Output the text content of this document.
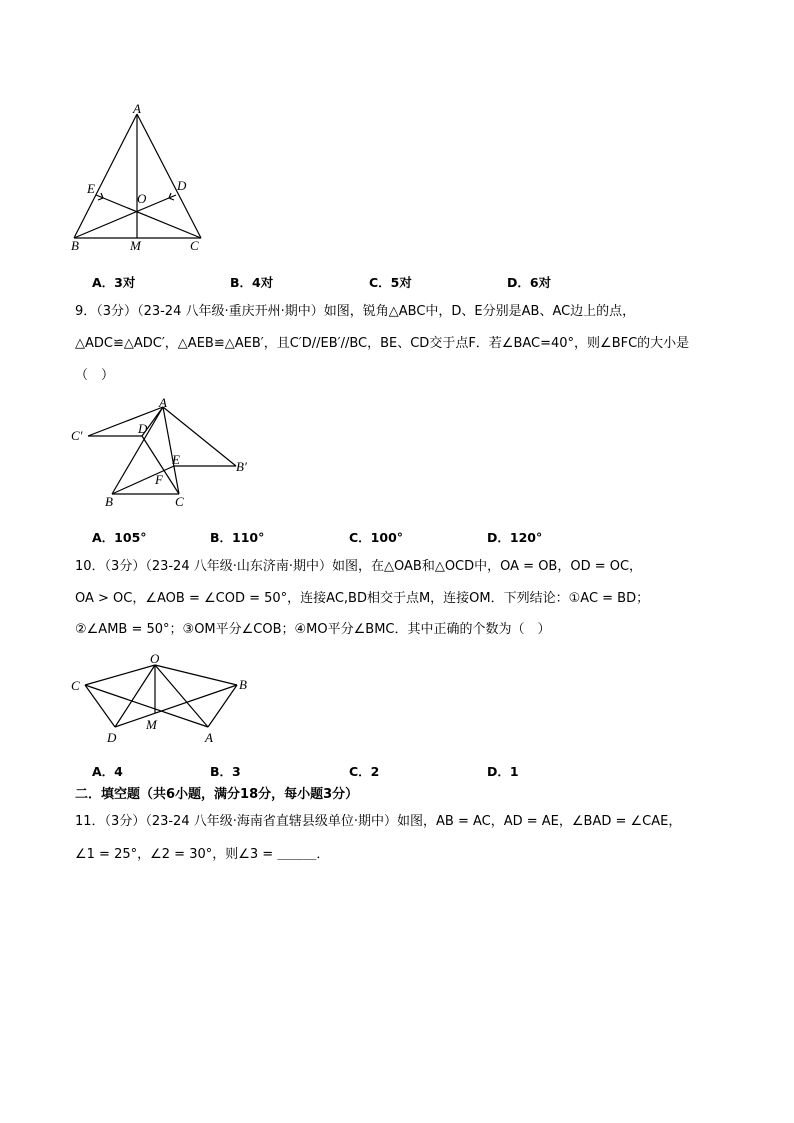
A
E	D
O
B	M	C
A．3对	B．4对	C．5对	D．6对
9．（3分）（23-24 八年级·重庆开州·期中）如图，锐角△ABC中，D、E分别是AB、AC边上的点，
△ADC≌△ADC′，△AEB≌△AEB′，且C′D//EB′//BC，BE、CD交于点F．若∠BAC=40°，则∠BFC的大小是
（　）
A
C′	D
E	B′
F
B	C
A．105°	B．110°	C．100°	D．120°
10．（3分）（23-24 八年级·山东济南·期中）如图，在△OAB和△OCD中，OA = OB，OD = OC，
OA > OC，∠AOB = ∠COD = 50°，连接AC,BD相交于点M，连接OM．下列结论：①AC = BD；
②∠AMB = 50°；③OM平分∠COB；④MO平分∠BMC．其中正确的个数为（　）
O
C	B
M
D	A
A．4	B．3	C．2	D．1
二．填空题（共6小题，满分18分，每小题3分）
11．（3分）（23-24 八年级·海南省直辖县级单位·期中）如图，AB = AC，AD = AE，∠BAD = ∠CAE，
∠1 = 25°，∠2 = 30°，则∠3 = ＿＿＿．
